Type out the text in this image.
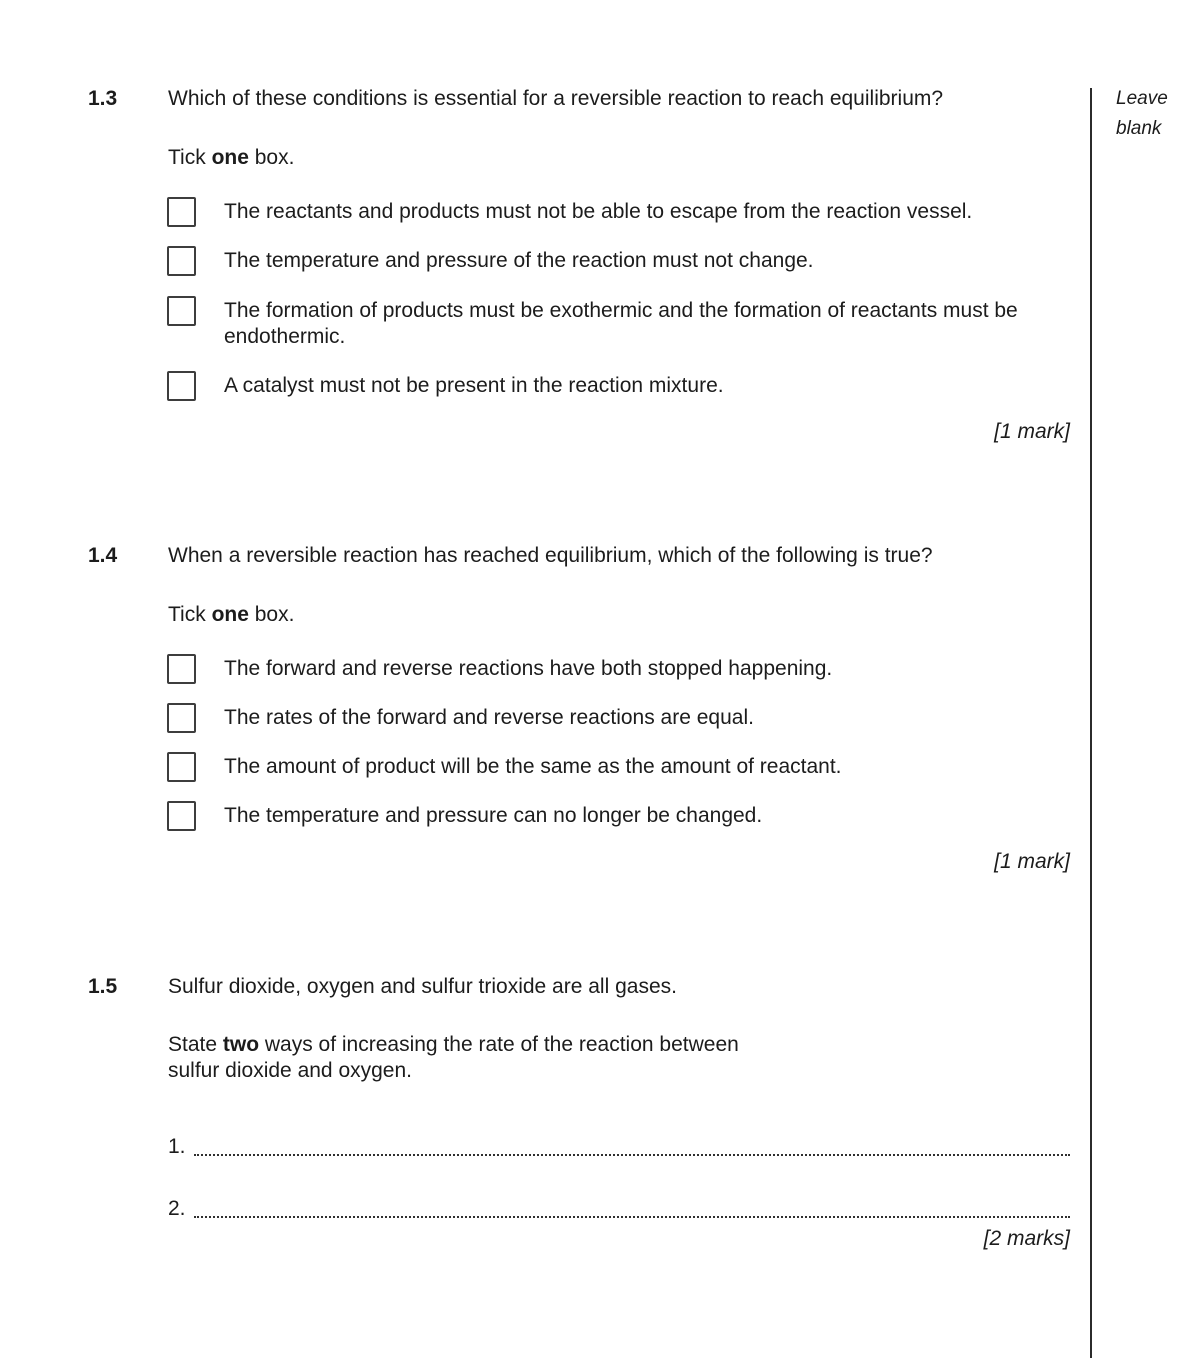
Leave
blank
1.3	Which of these conditions is essential for a reversible reaction to reach equilibrium?
Tick one box.
The reactants and products must not be able to escape from the reaction vessel.
The temperature and pressure of the reaction must not change.
The formation of products must be exothermic and the formation of reactants must be endothermic.
A catalyst must not be present in the reaction mixture.
[1 mark]
1.4	When a reversible reaction has reached equilibrium, which of the following is true?
Tick one box.
The forward and reverse reactions have both stopped happening.
The rates of the forward and reverse reactions are equal.
The amount of product will be the same as the amount of reactant.
The temperature and pressure can no longer be changed.
[1 mark]
1.5	Sulfur dioxide, oxygen and sulfur trioxide are all gases.
State two ways of increasing the rate of the reaction between
sulfur dioxide and oxygen.
1.
2.
[2 marks]
